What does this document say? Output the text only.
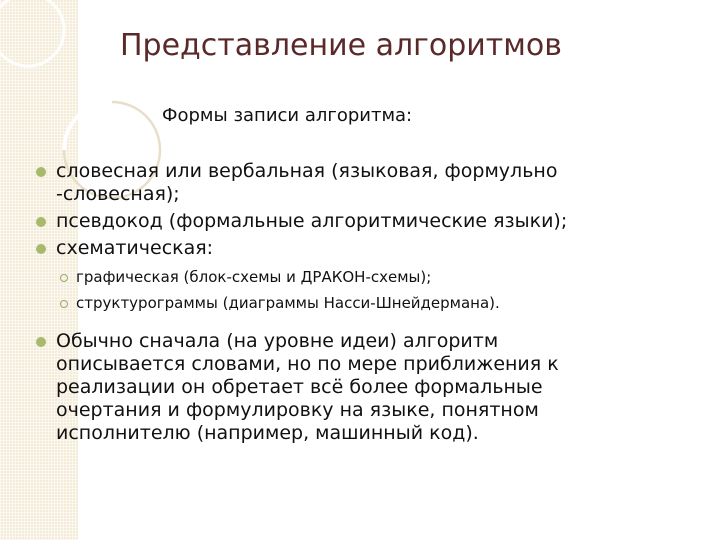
Представление алгоритмов
Формы записи алгоритма:
словесная или вербальная (языковая, формульно -словесная);
псевдокод (формальные алгоритмические языки);
схематическая:
графическая (блок-схемы и ДРАКОН-схемы);
структурограммы (диаграммы Насси-Шнейдермана).
Обычно сначала (на уровне идеи) алгоритм описывается словами, но по мере приближения к реализации он обретает всё более формальные очертания и формулировку на языке, понятном исполнителю (например, машинный код).
